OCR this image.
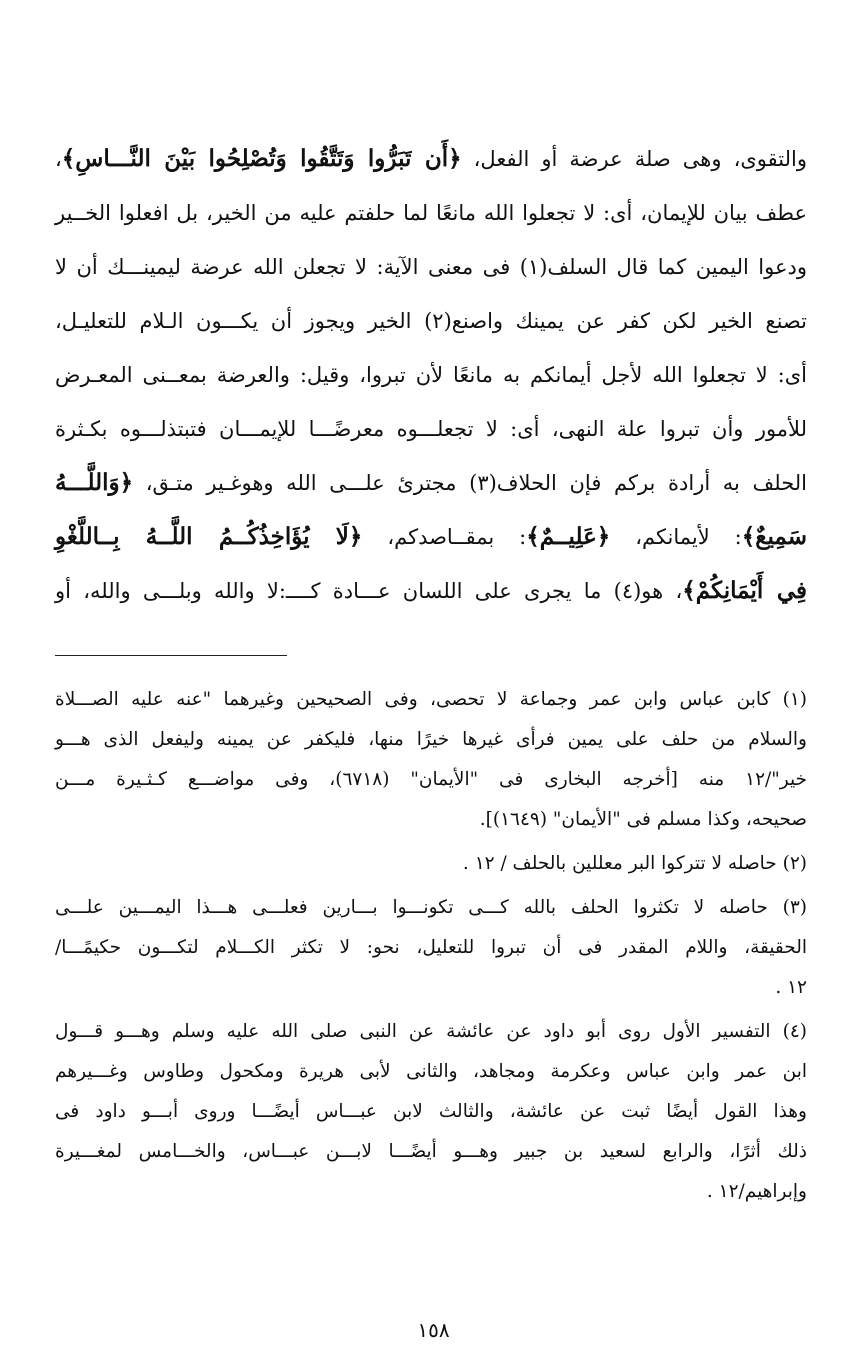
والتقوى، وهى صلة عرضة أو الفعل، ﴿أَن تَبَرُّوا وَتَتَّقُوا وَتُصْلِحُوا بَيْنَ النَّـــاسِ﴾،
عطف بيان للإيمان، أى: لا تجعلوا الله مانعًا لما حلفتم عليه من الخير، بل افعلوا الخــير
ودعوا اليمين كما قال السلف(١) فى معنى الآية: لا تجعلن الله عرضة ليمينـــك أن لا
تصنع الخير لكن كفر عن يمينك واصنع(٢) الخير ويجوز أن يكـــون الـلام للتعليـل،
أى: لا تجعلوا الله لأجل أيمانكم به مانعًا لأن تبروا، وقيل: والعرضة بمعــنى المعـرض
للأمور وأن تبروا علة النهى، أى: لا تجعلـــوه معرضًـــا للإيمـــان فتبتذلـــوه بكـثرة
الحلف به أرادة بركم فإن الحلاف(٣) مجترئ علـــى الله وهوغـير متـق، ﴿وَاللَّـــهُ
سَمِيعٌ﴾: لأيمانكم، ﴿عَلِيــمٌ﴾: بمقــاصدكم، ﴿لَا يُؤَاخِذُكُــمُ اللَّــهُ بِــاللَّغْوِ
فِي أَيْمَانِكُمْ﴾، هو(٤) ما يجرى على اللسان عـــادة كــــ:لا والله وبلـــى والله، أو
(١) كابن عباس وابن عمر وجماعة لا تحصى، وفى الصحيحين وغيرهما "عنه عليه الصـــلاة
والسلام من حلف على يمين فرأى غيرها خيرًا منها، فليكفر عن يمينه وليفعل الذى هـــو
خير"/١٢ منه [أخرجه البخارى فى "الأيمان" (٦٧١٨)، وفى مواضـــع كـثـيرة مـــن
صحيحه، وكذا مسلم فى "الأيمان" (١٦٤٩)].
(٢) حاصله لا تتركوا البر معللين بالحلف / ١٢ .
(٣) حاصله لا تكثروا الحلف بالله كـــى تكونـــوا بـــارين فعلـــى هـــذا اليمـــين علـــى
الحقيقة، واللام المقدر فى أن تبروا للتعليل، نحو: لا تكثر الكـــلام لتكـــون حكيمًـــا/
١٢ .
(٤) التفسير الأول روى أبو داود عن عائشة عن النبى صلى الله عليه وسلم وهـــو قـــول
ابن عمر وابن عباس وعكرمة ومجاهد، والثانى لأبى هريرة ومكحول وطاوس وغـــيرهم
وهذا القول أيضًا ثبت عن عائشة، والثالث لابن عبـــاس أيضًـــا وروى أبـــو داود فى
ذلك أثرًا، والرابع لسعيد بن جبير وهـــو أيضًـــا لابـــن عبـــاس، والخـــامس لمغـــيرة
وإبراهيم/١٢ .
١٥٨
